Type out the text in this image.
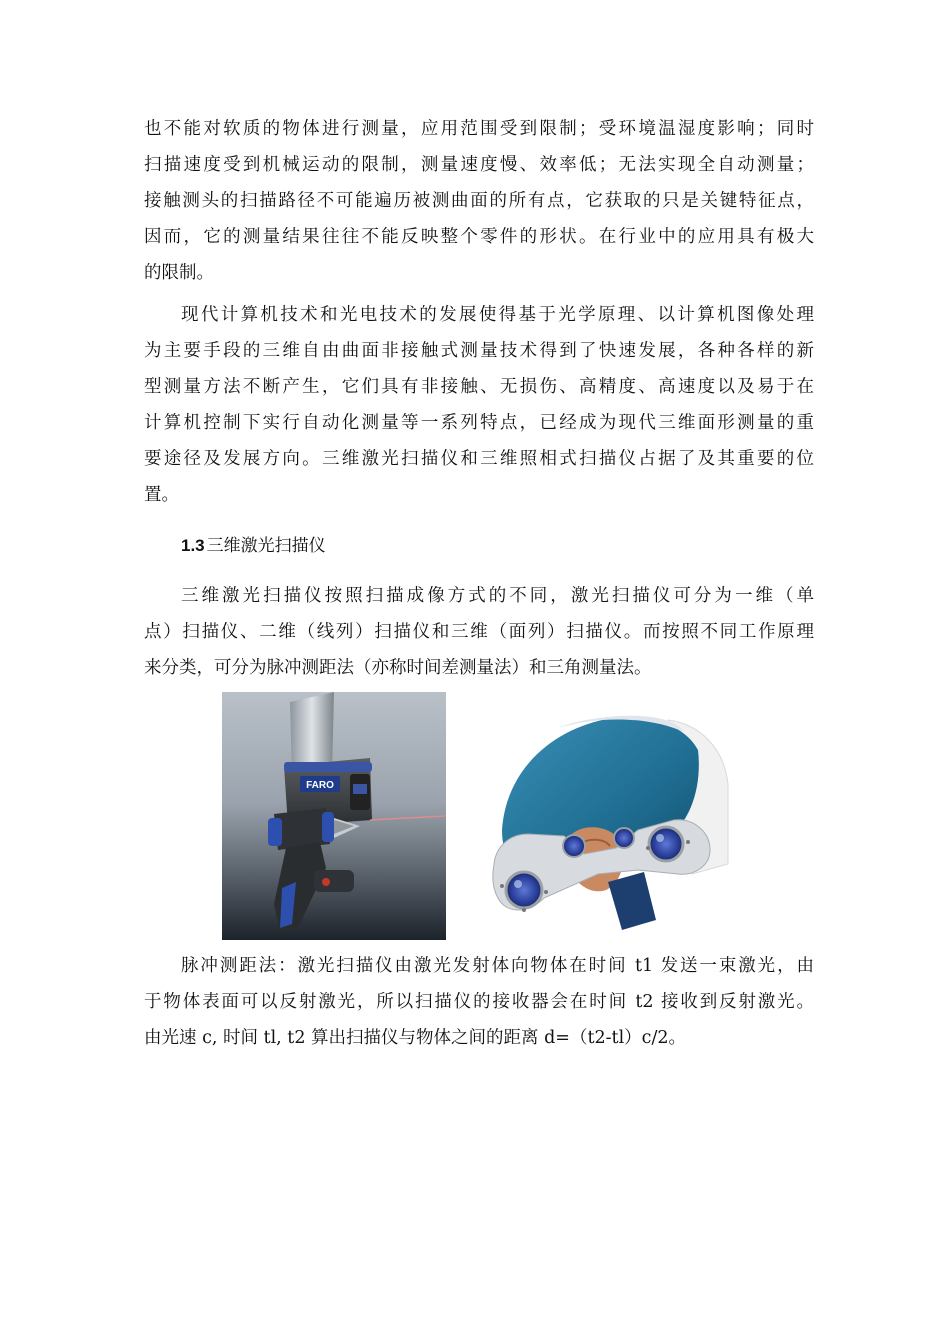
也不能对软质的物体进行测量，应用范围受到限制；受环境温湿度影响；同时
扫描速度受到机械运动的限制，测量速度慢、效率低；无法实现全自动测量；
接触测头的扫描路径不可能遍历被测曲面的所有点，它获取的只是关键特征点，
因而，它的测量结果往往不能反映整个零件的形状。在行业中的应用具有极大
的限制。
现代计算机技术和光电技术的发展使得基于光学原理、以计算机图像处理
为主要手段的三维自由曲面非接触式测量技术得到了快速发展，各种各样的新
型测量方法不断产生，它们具有非接触、无损伤、高精度、高速度以及易于在
计算机控制下实行自动化测量等一系列特点，已经成为现代三维面形测量的重
要途径及发展方向。三维激光扫描仪和三维照相式扫描仪占据了及其重要的位
置。
1.3 三维激光扫描仪
三维激光扫描仪按照扫描成像方式的不同，激光扫描仪可分为一维（单
点）扫描仪、二维（线列）扫描仪和三维（面列）扫描仪。而按照不同工作原理
来分类，可分为脉冲测距法（亦称时间差测量法）和三角测量法。
FARO
脉冲测距法：激光扫描仪由激光发射体向物体在时间 t1 发送一束激光，由
于物体表面可以反射激光，所以扫描仪的接收器会在时间 t2 接收到反射激光。
由光速 c, 时间 tl, t2 算出扫描仪与物体之间的距离 d=（t2-tl）c/2。
